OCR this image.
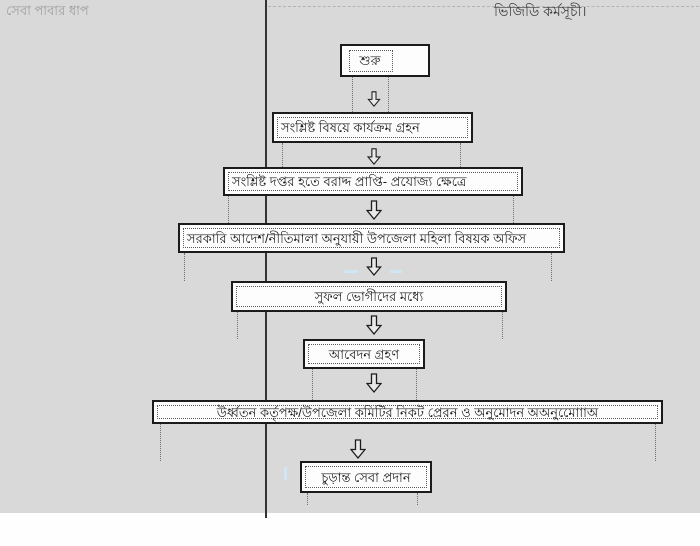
সেবা পাবার ধাপ	ভিজিডি কর্মসূচী।
শুরু
সংশ্লিষ্ট বিষয়ে কার্যক্রম গ্রহন
সংশ্লিষ্ট দপ্তর হতে বরাদ্দ প্রাপ্তি- প্রযোজ্য ক্ষেত্রে
সরকারি আদেশ/নীতিমালা অনুযায়ী উপজেলা মহিলা বিষয়ক অফিস
সুফল ভোগীদের মধ্যে
আবেদন গ্রহণ
উর্ধ্বতন কর্তৃপক্ষ/উপজেলা কমিটির নিকট প্রেরন ও অনুমোদন অঅনুমোাোঅ
চুড়ান্ত সেবা প্রদান
